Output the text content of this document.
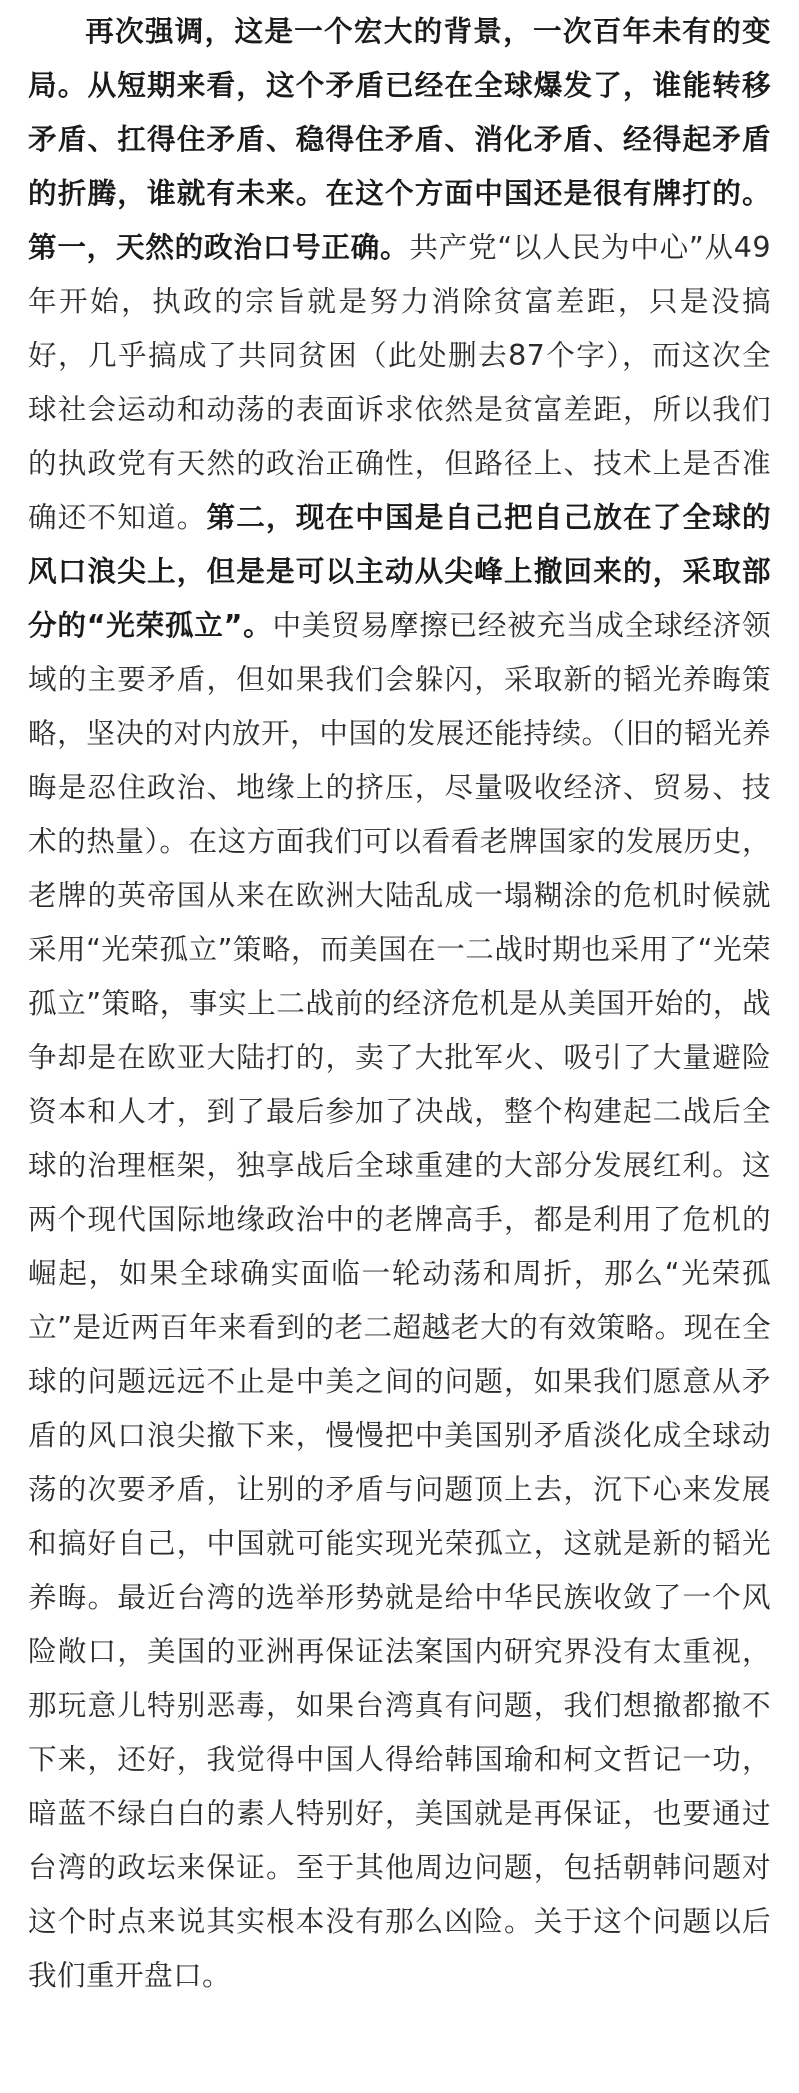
再次强调，这是一个宏大的背景，一次百年未有的变局。从短期来看，这个矛盾已经在全球爆发了，谁能转移矛盾、扛得住矛盾、稳得住矛盾、消化矛盾、经得起矛盾的折腾，谁就有未来。在这个方面中国还是很有牌打的。第一，天然的政治口号正确。共产党“以人民为中心”从49年开始，执政的宗旨就是努力消除贫富差距，只是没搞好，几乎搞成了共同贫困（此处删去87个字），而这次全球社会运动和动荡的表面诉求依然是贫富差距，所以我们的执政党有天然的政治正确性，但路径上、技术上是否准确还不知道。第二，现在中国是自己把自己放在了全球的风口浪尖上，但是是可以主动从尖峰上撤回来的，采取部分的“光荣孤立”。中美贸易摩擦已经被充当成全球经济领域的主要矛盾，但如果我们会躲闪，采取新的韬光养晦策略，坚决的对内放开，中国的发展还能持续。（旧的韬光养晦是忍住政治、地缘上的挤压，尽量吸收经济、贸易、技术的热量）。在这方面我们可以看看老牌国家的发展历史，老牌的英帝国从来在欧洲大陆乱成一塌糊涂的危机时候就采用“光荣孤立”策略，而美国在一二战时期也采用了“光荣孤立”策略，事实上二战前的经济危机是从美国开始的，战争却是在欧亚大陆打的，卖了大批军火、吸引了大量避险资本和人才，到了最后参加了决战，整个构建起二战后全球的治理框架，独享战后全球重建的大部分发展红利。这两个现代国际地缘政治中的老牌高手，都是利用了危机的崛起，如果全球确实面临一轮动荡和周折，那么“光荣孤立”是近两百年来看到的老二超越老大的有效策略。现在全球的问题远远不止是中美之间的问题，如果我们愿意从矛盾的风口浪尖撤下来，慢慢把中美国别矛盾淡化成全球动荡的次要矛盾，让别的矛盾与问题顶上去，沉下心来发展和搞好自己，中国就可能实现光荣孤立，这就是新的韬光养晦。最近台湾的选举形势就是给中华民族收敛了一个风险敞口，美国的亚洲再保证法案国内研究界没有太重视，那玩意儿特别恶毒，如果台湾真有问题，我们想撤都撤不下来，还好，我觉得中国人得给韩国瑜和柯文哲记一功，暗蓝不绿白白的素人特别好，美国就是再保证，也要通过台湾的政坛来保证。至于其他周边问题，包括朝韩问题对这个时点来说其实根本没有那么凶险。关于这个问题以后我们重开盘口。
